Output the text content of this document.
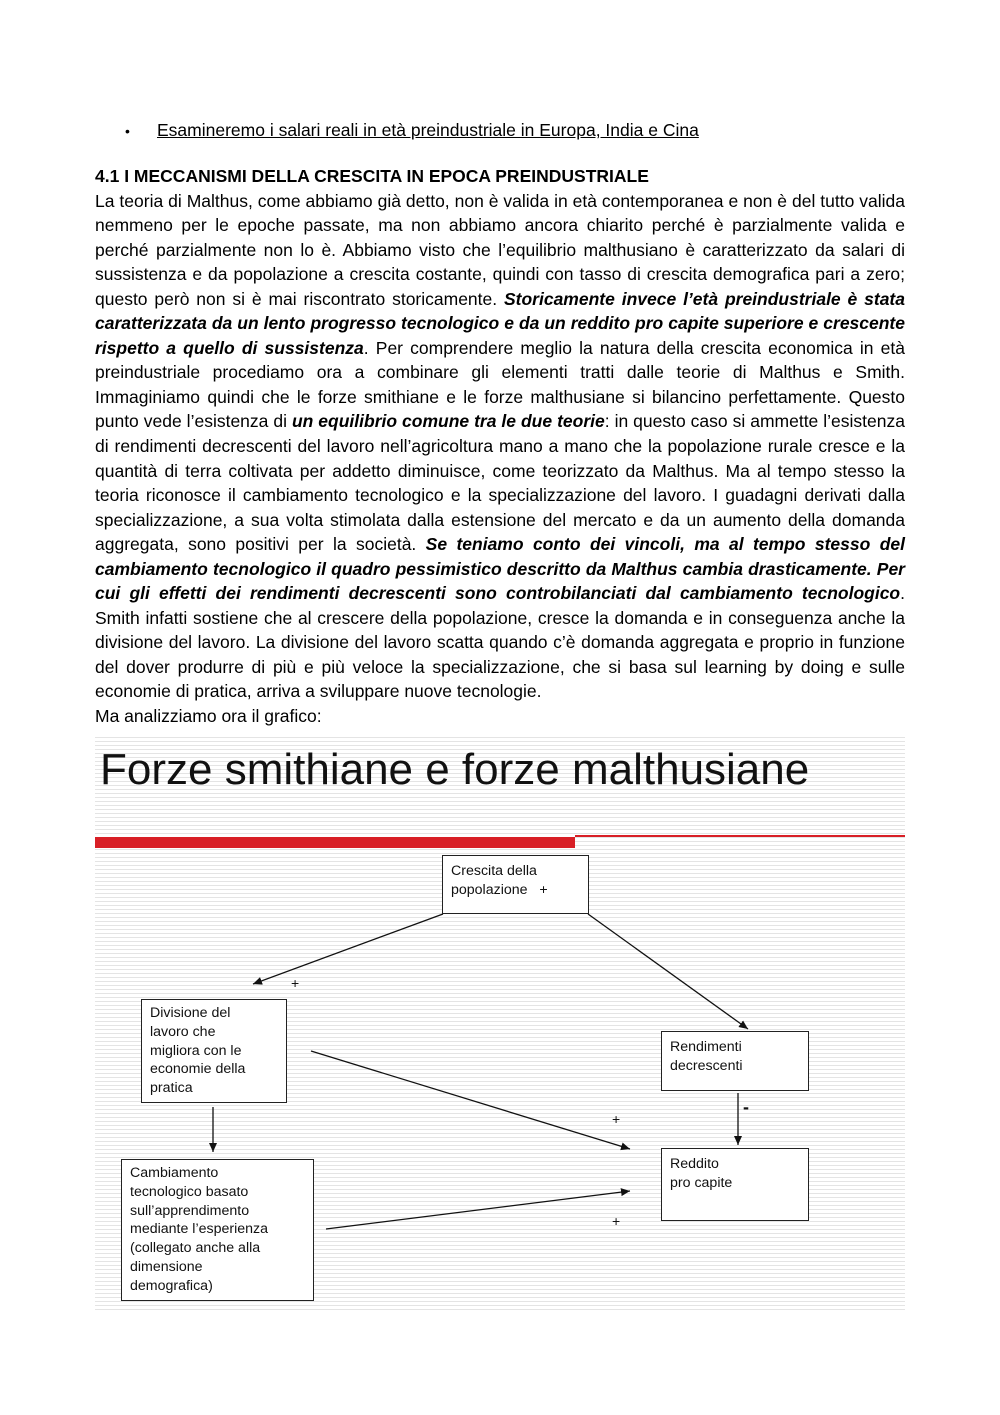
•	Esamineremo i salari reali in età preindustriale in Europa, India e Cina
4.1 I MECCANISMI DELLA CRESCITA IN EPOCA PREINDUSTRIALE

La teoria di Malthus, come abbiamo già detto, non è valida in età contemporanea e non è del tutto valida nemmeno per le epoche passate, ma non abbiamo ancora chiarito perché è parzialmente valida e perché parzialmente non lo è. Abbiamo visto che l’equilibrio malthusiano è caratterizzato da salari di sussistenza e da popolazione a crescita costante, quindi con tasso di crescita demografica pari a zero; questo però non si è mai riscontrato storicamente. Storicamente invece l’età preindustriale è stata caratterizzata da un lento progresso tecnologico e da un reddito pro capite superiore e crescente rispetto a quello di sussistenza. Per comprendere meglio la natura della crescita economica in età preindustriale procediamo ora a combinare gli elementi tratti dalle teorie di Malthus e Smith. Immaginiamo quindi che le forze smithiane e le forze malthusiane si bilancino perfettamente. Questo punto vede l’esistenza di un equilibrio comune tra le due teorie: in questo caso si ammette l’esistenza di rendimenti decrescenti del lavoro nell’agricoltura mano a mano che la popolazione rurale cresce e la quantità di terra coltivata per addetto diminuisce, come teorizzato da Malthus. Ma al tempo stesso la teoria riconosce il cambiamento tecnologico e la specializzazione del lavoro. I guadagni derivati dalla specializzazione, a sua volta stimolata dalla estensione del mercato e da un aumento della domanda aggregata, sono positivi per la società. Se teniamo conto dei vincoli, ma al tempo stesso del cambiamento tecnologico il quadro pessimistico descritto da Malthus cambia drasticamente. Per cui gli effetti dei rendimenti decrescenti sono controbilanciati dal cambiamento tecnologico. Smith infatti sostiene che al crescere della popolazione, cresce la domanda e in conseguenza anche la divisione del lavoro. La divisione del lavoro scatta quando c’è domanda aggregata e proprio in funzione del dover produrre di più e più veloce la specializzazione, che si basa sul learning by doing e sulle economie di pratica, arriva a sviluppare nuove tecnologie.

Ma analizziamo ora il grafico:

Forze smithiane e forze malthusiane
Crescita della
popolazione   +
Divisione del
lavoro che
migliora con le
economie della
pratica
Rendimenti
decrescenti
Cambiamento
tecnologico basato
sull’apprendimento
mediante l’esperienza
(collegato anche alla
dimensione
demografica)
Reddito
pro capite
+
+
+
-
